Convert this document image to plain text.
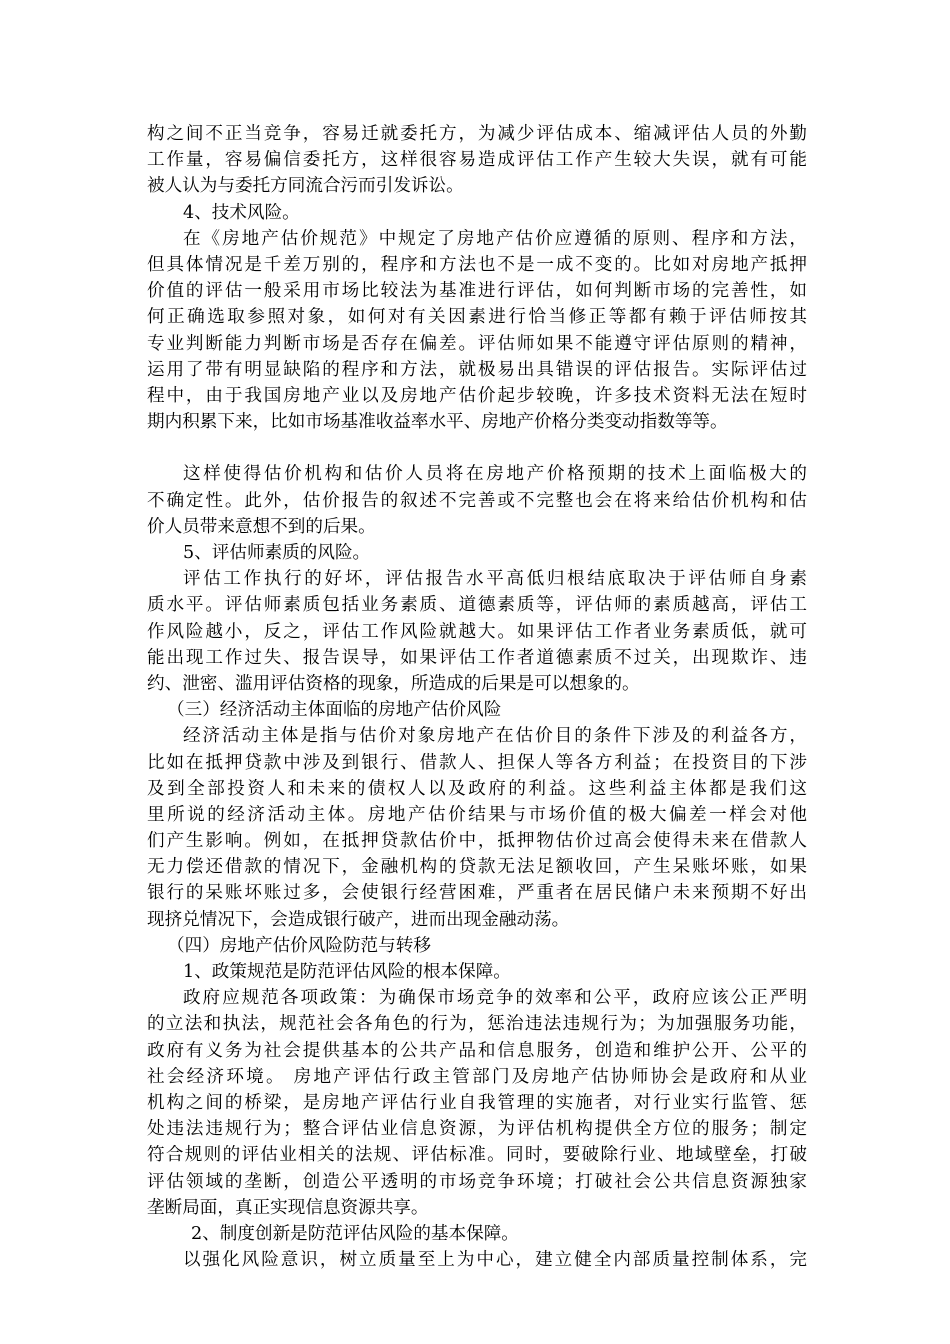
构之间不正当竞争，容易迁就委托方，为减少评估成本、缩减评估人员的外勤
工作量，容易偏信委托方，这样很容易造成评估工作产生较大失误，就有可能
被人认为与委托方同流合污而引发诉讼。
4、技术风险。
在《房地产估价规范》中规定了房地产估价应遵循的原则、程序和方法，
但具体情况是千差万别的，程序和方法也不是一成不变的。比如对房地产抵押
价值的评估一般采用市场比较法为基准进行评估，如何判断市场的完善性，如
何正确选取参照对象，如何对有关因素进行恰当修正等都有赖于评估师按其
专业判断能力判断市场是否存在偏差。评估师如果不能遵守评估原则的精神，
运用了带有明显缺陷的程序和方法，就极易出具错误的评估报告。实际评估过
程中，由于我国房地产业以及房地产估价起步较晚，许多技术资料无法在短时
期内积累下来，比如市场基准收益率水平、房地产价格分类变动指数等等。
这样使得估价机构和估价人员将在房地产价格预期的技术上面临极大的
不确定性。此外，估价报告的叙述不完善或不完整也会在将来给估价机构和估
价人员带来意想不到的后果。
5、评估师素质的风险。
评估工作执行的好坏，评估报告水平高低归根结底取决于评估师自身素
质水平。评估师素质包括业务素质、道德素质等，评估师的素质越高，评估工
作风险越小，反之，评估工作风险就越大。如果评估工作者业务素质低，就可
能出现工作过失、报告误导，如果评估工作者道德素质不过关，出现欺诈、违
约、泄密、滥用评估资格的现象，所造成的后果是可以想象的。
（三）经济活动主体面临的房地产估价风险
经济活动主体是指与估价对象房地产在估价目的条件下涉及的利益各方，
比如在抵押贷款中涉及到银行、借款人、担保人等各方利益；在投资目的下涉
及到全部投资人和未来的债权人以及政府的利益。这些利益主体都是我们这
里所说的经济活动主体。房地产估价结果与市场价值的极大偏差一样会对他
们产生影响。例如，在抵押贷款估价中，抵押物估价过高会使得未来在借款人
无力偿还借款的情况下，金融机构的贷款无法足额收回，产生呆账坏账，如果
银行的呆账坏账过多，会使银行经营困难，严重者在居民储户未来预期不好出
现挤兑情况下，会造成银行破产，进而出现金融动荡。
（四）房地产估价风险防范与转移
1、政策规范是防范评估风险的根本保障。
政府应规范各项政策：为确保市场竞争的效率和公平，政府应该公正严明
的立法和执法，规范社会各角色的行为，惩治违法违规行为；为加强服务功能，
政府有义务为社会提供基本的公共产品和信息服务，创造和维护公开、公平的
社会经济环境。 房地产评估行政主管部门及房地产估协师协会是政府和从业
机构之间的桥梁，是房地产评估行业自我管理的实施者，对行业实行监管、惩
处违法违规行为；整合评估业信息资源，为评估机构提供全方位的服务；制定
符合规则的评估业相关的法规、评估标准。同时，要破除行业、地域壁垒，打破
评估领域的垄断，创造公平透明的市场竞争环境；打破社会公共信息资源独家
垄断局面，真正实现信息资源共享。
2、制度创新是防范评估风险的基本保障。
以强化风险意识，树立质量至上为中心，建立健全内部质量控制体系，完
